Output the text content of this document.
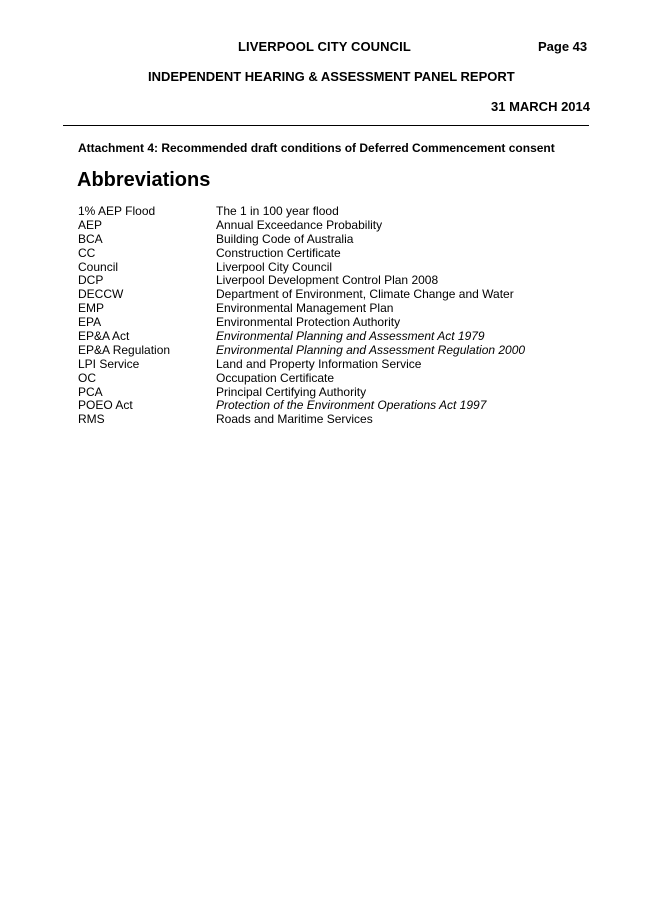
LIVERPOOL CITY COUNCIL	Page 43
INDEPENDENT HEARING & ASSESSMENT PANEL REPORT
31 MARCH 2014
Attachment 4: Recommended draft conditions of Deferred Commencement consent
Abbreviations
1% AEP Flood	The 1 in 100 year flood
AEP	Annual Exceedance Probability
BCA	Building Code of Australia
CC	Construction Certificate
Council	Liverpool City Council
DCP	Liverpool Development Control Plan 2008
DECCW	Department of Environment, Climate Change and Water
EMP	Environmental Management Plan
EPA	Environmental Protection Authority
EP&A Act	Environmental Planning and Assessment Act 1979
EP&A Regulation	Environmental Planning and Assessment Regulation 2000
LPI Service	Land and Property Information Service
OC	Occupation Certificate
PCA	Principal Certifying Authority
POEO Act	Protection of the Environment Operations Act 1997
RMS	Roads and Maritime Services
